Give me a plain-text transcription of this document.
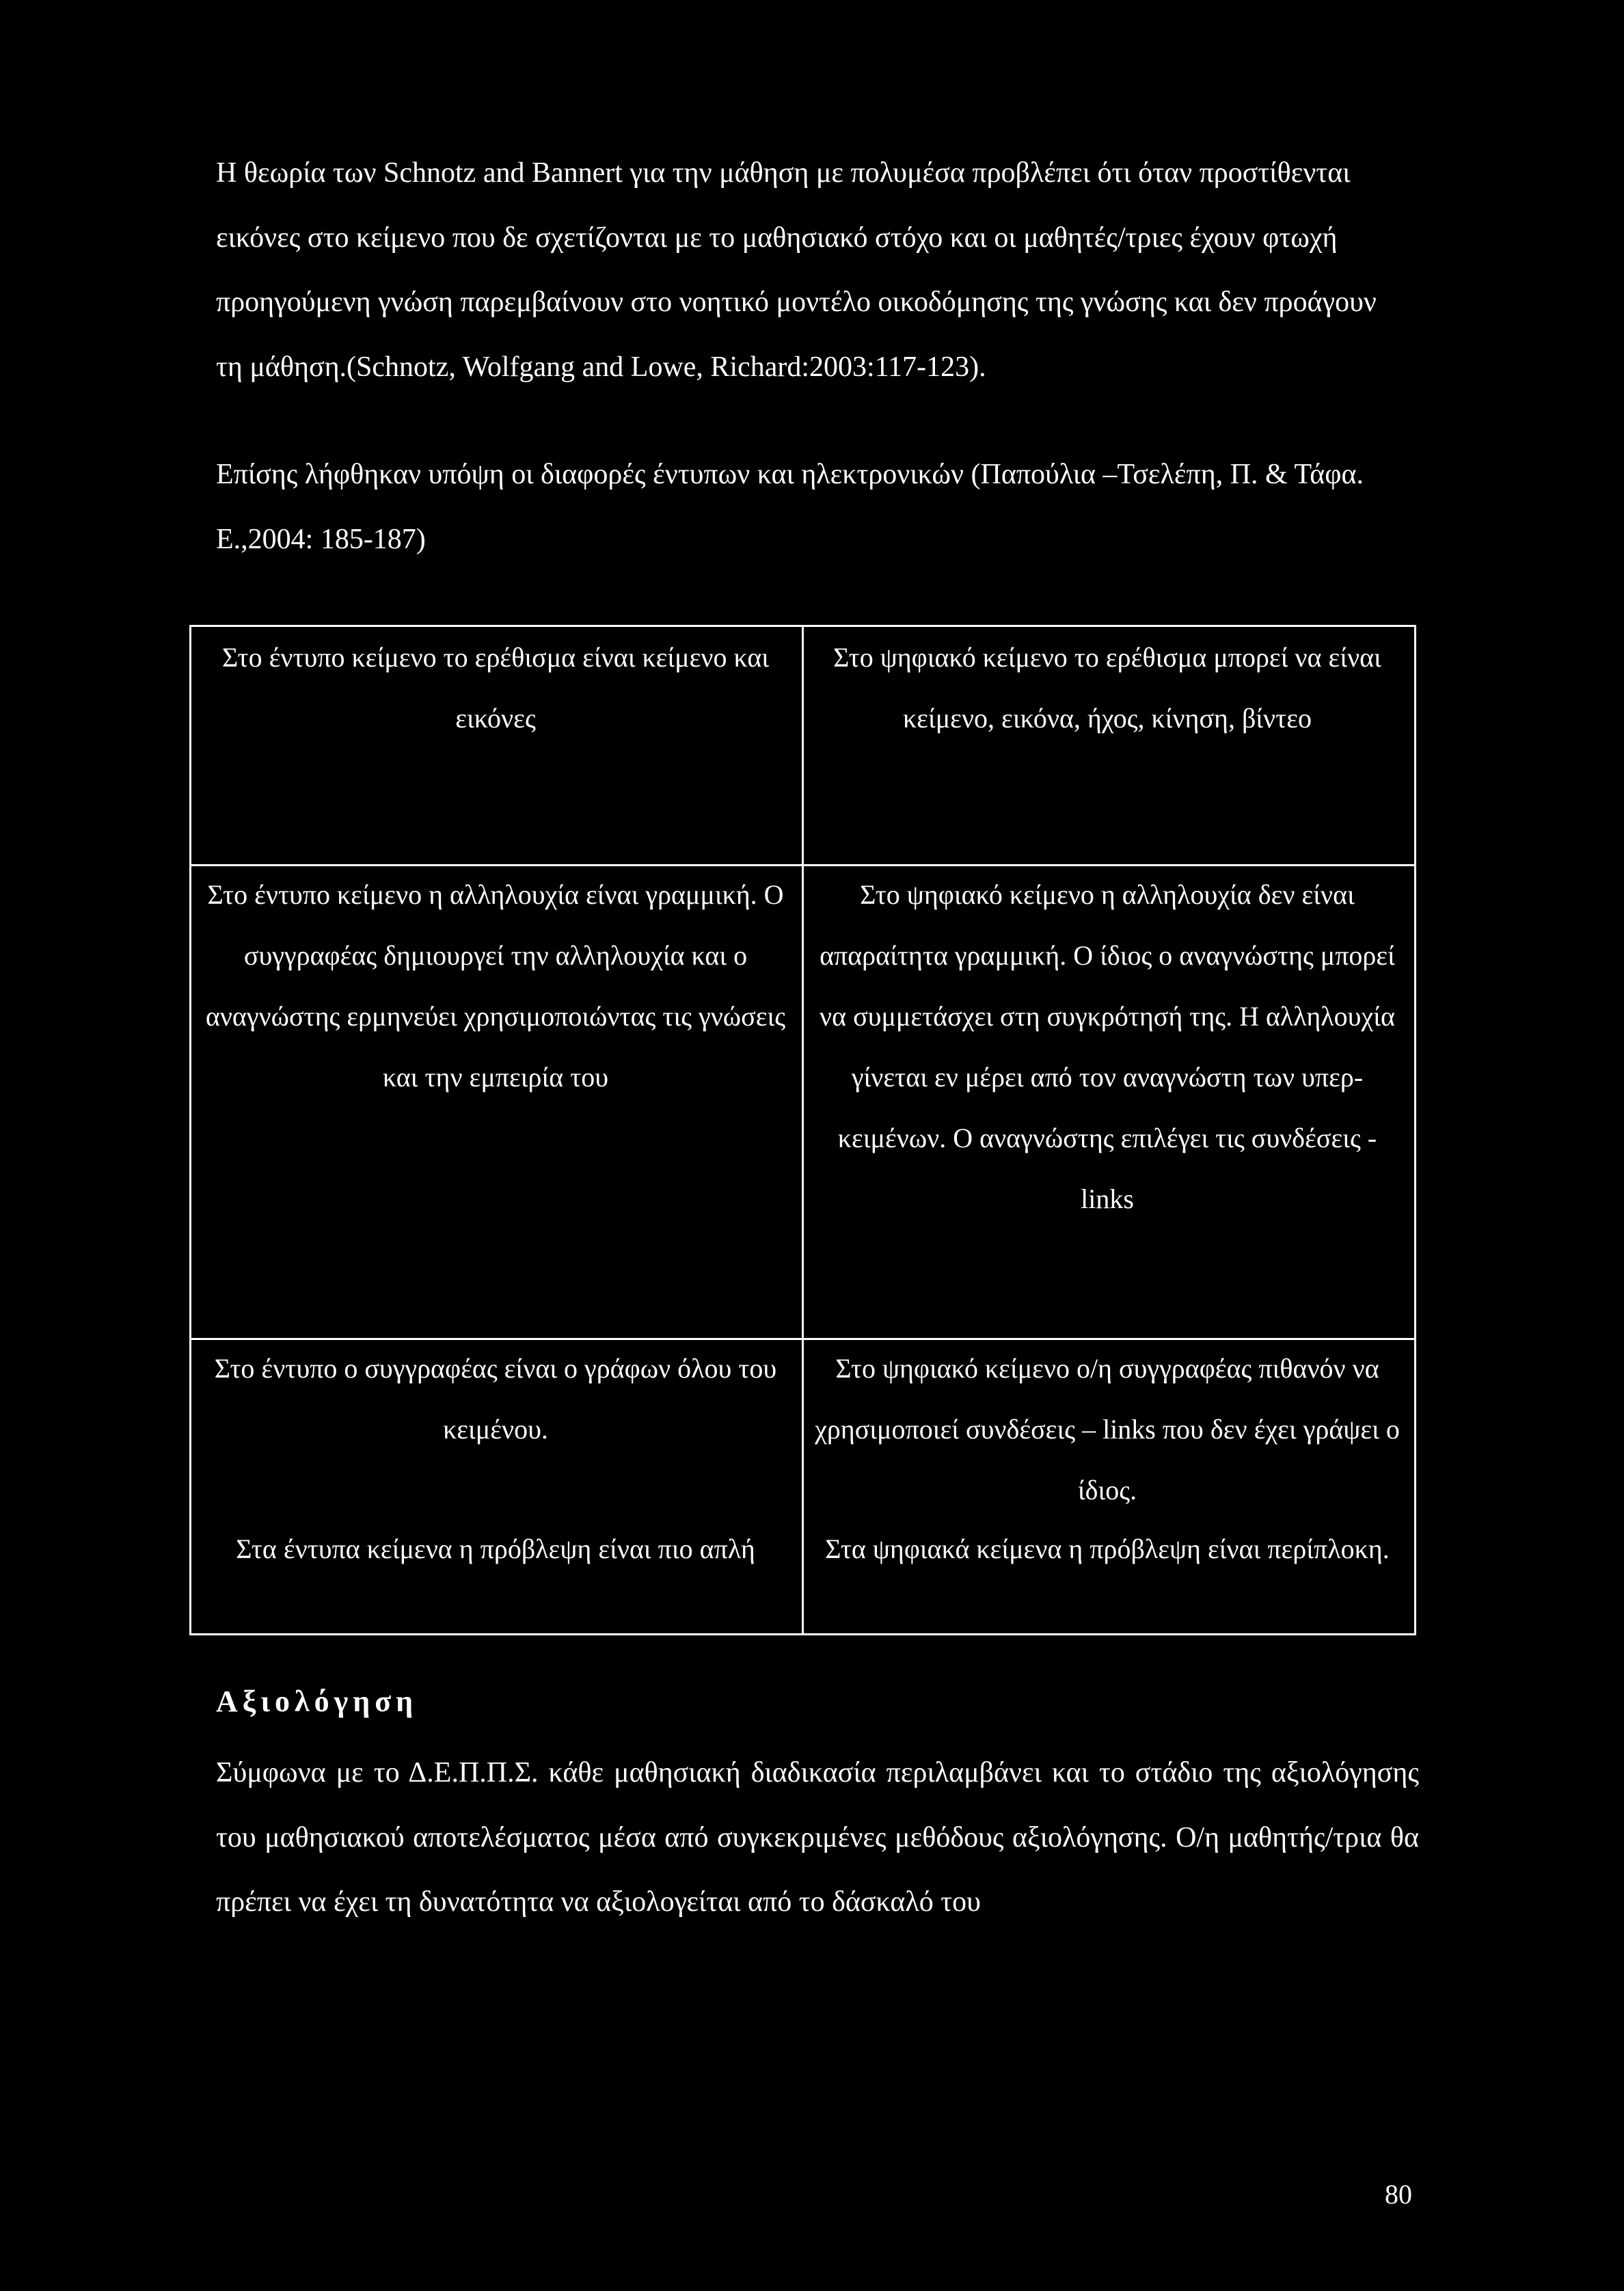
Η θεωρία των Schnotz and Bannert για την μάθηση με πολυμέσα προβλέπει ότι όταν προστίθενται εικόνες στο κείμενο που δε σχετίζονται με το μαθησιακό στόχο και οι μαθητές/τριες έχουν φτωχή προηγούμενη γνώση παρεμβαίνουν στο νοητικό μοντέλο οικοδόμησης της γνώσης και δεν προάγουν τη μάθηση.(Schnotz, Wolfgang and Lowe, Richard:2003:117-123).

Επίσης λήφθηκαν υπόψη οι διαφορές έντυπων και ηλεκτρονικών (Παπούλια –Τσελέπη, Π. & Τάφα. Ε.,2004: 185-187)

Στο έντυπο κείμενο το ερέθισμα είναι κείμενο και εικόνες
Στο ψηφιακό κείμενο το ερέθισμα μπορεί να είναι κείμενο, εικόνα, ήχος, κίνηση, βίντεο
Στο έντυπο κείμενο η αλληλουχία είναι γραμμική. Ο συγγραφέας δημιουργεί την αλληλουχία και ο αναγνώστης ερμηνεύει χρησιμοποιώντας τις γνώσεις και την εμπειρία του
Στο ψηφιακό κείμενο η αλληλουχία δεν είναι απαραίτητα γραμμική. Ο ίδιος ο αναγνώστης μπορεί να συμμετάσχει στη συγκρότησή της. Η αλληλουχία γίνεται εν μέρει από τον αναγνώστη των υπερ-κειμένων. Ο αναγνώστης επιλέγει τις συνδέσεις - links
Στο έντυπο ο συγγραφέας είναι ο γράφων όλου του κειμένου.
Στο ψηφιακό κείμενο ο/η συγγραφέας πιθανόν να χρησιμοποιεί συνδέσεις – links που δεν έχει γράψει ο ίδιος.
Στα έντυπα κείμενα η πρόβλεψη είναι πιο απλή	Στα ψηφιακά κείμενα η πρόβλεψη είναι περίπλοκη.
Αξιολόγηση

Σύμφωνα με το Δ.Ε.Π.Π.Σ. κάθε μαθησιακή διαδικασία περιλαμβάνει και το στάδιο της αξιολόγησης του μαθησιακού αποτελέσματος μέσα από συγκεκριμένες μεθόδους αξιολόγησης. Ο/η μαθητής/τρια θα πρέπει να έχει τη δυνατότητα να αξιολογείται από το δάσκαλό του

80
